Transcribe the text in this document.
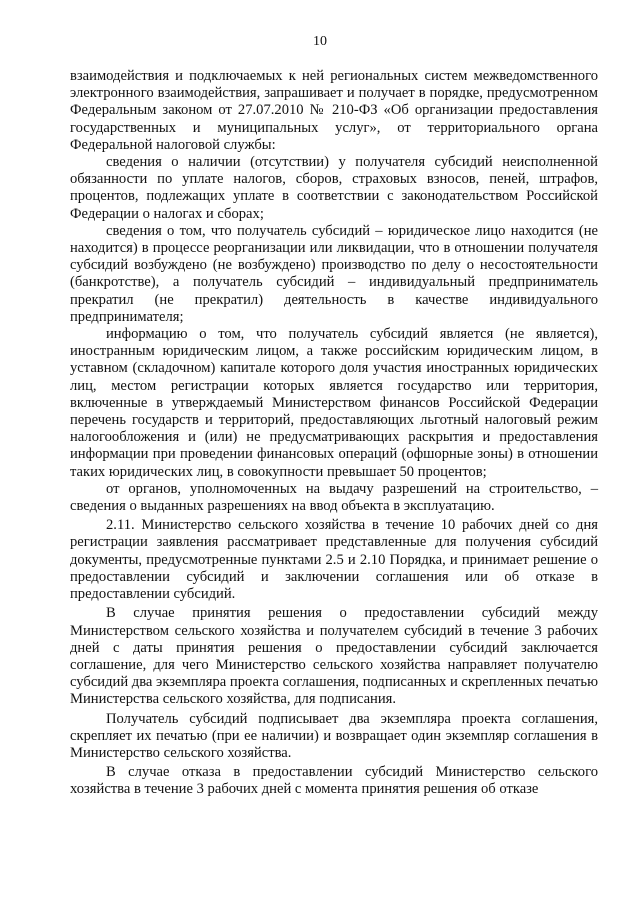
10

взаимодействия и подключаемых к ней региональных систем межведомственного электронного взаимодействия, запрашивает и получает в порядке, предусмотренном Федеральным законом от 27.07.2010 № 210-ФЗ «Об организации предоставления государственных и муниципальных услуг», от территориального органа Федеральной налоговой службы:

сведения о наличии (отсутствии) у получателя субсидий неисполненной обязанности по уплате налогов, сборов, страховых взносов, пеней, штрафов, процентов, подлежащих уплате в соответствии с законодательством Российской Федерации о налогах и сборах;

сведения о том, что получатель субсидий – юридическое лицо находится (не находится) в процессе реорганизации или ликвидации, что в отношении получателя субсидий возбуждено (не возбуждено) производство по делу о несостоятельности (банкротстве), а получатель субсидий – индивидуальный предприниматель прекратил (не прекратил) деятельность в качестве индивидуального предпринимателя;

информацию о том, что получатель субсидий является (не является), иностранным юридическим лицом, а также российским юридическим лицом, в уставном (складочном) капитале которого доля участия иностранных юридических лиц, местом регистрации которых является государство или территория, включенные в утверждаемый Министерством финансов Российской Федерации перечень государств и территорий, предоставляющих льготный налоговый режим налогообложения и (или) не предусматривающих раскрытия и предоставления информации при проведении финансовых операций (офшорные зоны) в отношении таких юридических лиц, в совокупности превышает 50 процентов;

от органов, уполномоченных на выдачу разрешений на строительство, – сведения о выданных разрешениях на ввод объекта в эксплуатацию.

2.11. Министерство сельского хозяйства в течение 10 рабочих дней со дня регистрации заявления рассматривает представленные для получения субсидий документы, предусмотренные пунктами 2.5 и 2.10 Порядка, и принимает решение о предоставлении субсидий и заключении соглашения или об отказе в предоставлении субсидий.

В случае принятия решения о предоставлении субсидий между Министерством сельского хозяйства и получателем субсидий в течение 3 рабочих дней с даты принятия решения о предоставлении субсидий заключается соглашение, для чего Министерство сельского хозяйства направляет получателю субсидий два экземпляра проекта соглашения, подписанных и скрепленных печатью Министерства сельского хозяйства, для подписания.

Получатель субсидий подписывает два экземпляра проекта соглашения, скрепляет их печатью (при ее наличии) и возвращает один экземпляр соглашения в Министерство сельского хозяйства.

В случае отказа в предоставлении субсидий Министерство сельского хозяйства в течение 3 рабочих дней с момента принятия решения об отказе
